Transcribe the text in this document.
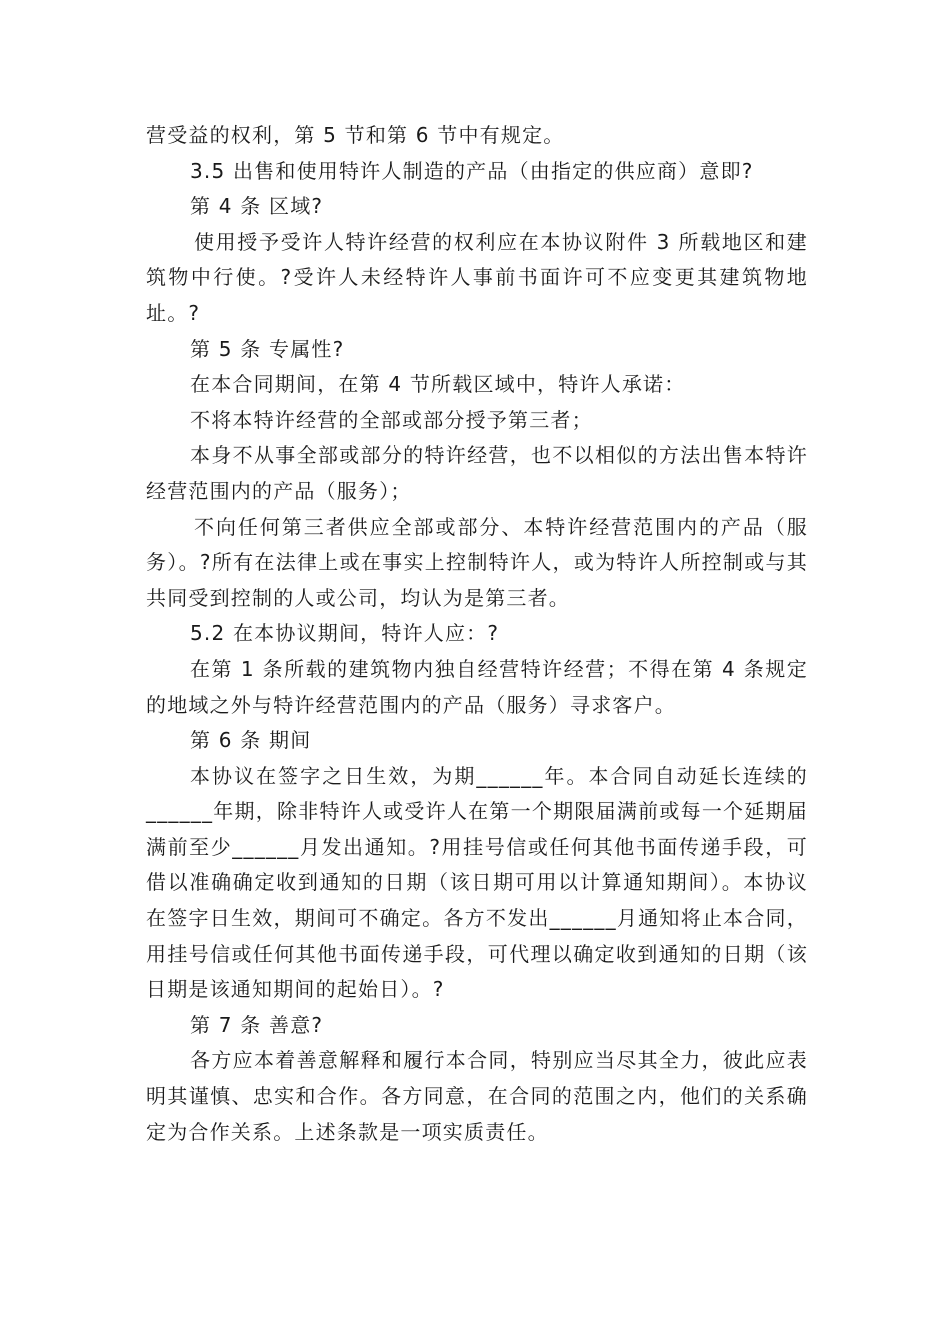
营受益的权利，第 5 节和第 6 节中有规定。

3.5 出售和使用特许人制造的产品（由指定的供应商）意即?

第 4 条 区域?

使用授予受许人特许经营的权利应在本协议附件 3 所载地区和建筑物中行使。?受许人未经特许人事前书面许可不应变更其建筑物地址。?

第 5 条 专属性?

在本合同期间，在第 4 节所载区域中，特许人承诺：

不将本特许经营的全部或部分授予第三者；

本身不从事全部或部分的特许经营，也不以相似的方法出售本特许经营范围内的产品（服务）；

不向任何第三者供应全部或部分、本特许经营范围内的产品（服务）。?所有在法律上或在事实上控制特许人，或为特许人所控制或与其共同受到控制的人或公司，均认为是第三者。

5.2 在本协议期间，特许人应：?

在第 1 条所载的建筑物内独自经营特许经营；不得在第 4 条规定的地域之外与特许经营范围内的产品（服务）寻求客户。

第 6 条 期间

本协议在签字之日生效，为期______年。本合同自动延长连续的______年期，除非特许人或受许人在第一个期限届满前或每一个延期届满前至少______月发出通知。?用挂号信或任何其他书面传递手段，可借以准确确定收到通知的日期（该日期可用以计算通知期间）。本协议在签字日生效，期间可不确定。各方不发出______月通知将止本合同，用挂号信或任何其他书面传递手段，可代理以确定收到通知的日期（该日期是该通知期间的起始日）。?

第 7 条 善意?

各方应本着善意解释和履行本合同，特别应当尽其全力，彼此应表明其谨慎、忠实和合作。各方同意，在合同的范围之内，他们的关系确定为合作关系。上述条款是一项实质责任。
